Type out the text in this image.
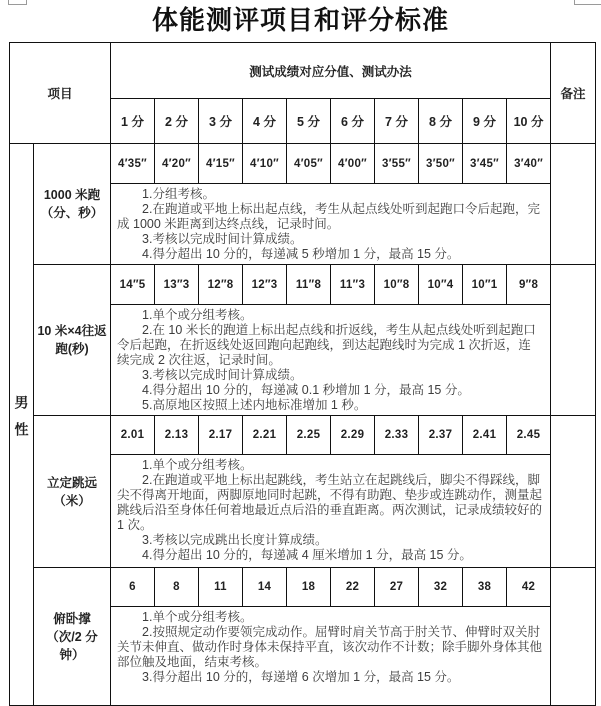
体能测评项目和评分标准
项目		测试成绩对应分值、测试办法										备注
		1 分	2 分	3 分	4 分	5 分	6 分	7 分	8 分	9 分	10 分	
男性	1000 米跑（分、秒）	4′35″	4′20″	4′15″	4′10″	4′05″	4′00″	3′55″	3′50″	3′45″	3′40″	

		1.分组考核。

2.在跑道或平地上标出起点线，考生从起点线处听到起跑口令后起跑，完成 1000 米距离到达终点线，记录时间。

3.考核以完成时间计算成绩。

4.得分超出 10 分的，每递减 5 秒增加 1 分，最高 15 分。										

	10 米×4往返跑(秒)	14″5	13″3	12″8	12″3	11″8	11″3	10″8	10″4	10″1	9″8	

		1.单个或分组考核。

2.在 10 米长的跑道上标出起点线和折返线，考生从起点线处听到起跑口令后起跑，在折返线处返回跑向起跑线，到达起跑线时为完成 1 次折返，连续完成 2 次往返，记录时间。

3.考核以完成时间计算成绩。

4.得分超出 10 分的，每递减 0.1 秒增加 1 分，最高 15 分。

5.高原地区按照上述内地标准增加 1 秒。										

	立定跳远（米）	2.01	2.13	2.17	2.21	2.25	2.29	2.33	2.37	2.41	2.45	

		1.单个或分组考核。

2.在跑道或平地上标出起跳线，考生站立在起跳线后，脚尖不得踩线，脚尖不得离开地面，两脚原地同时起跳，不得有助跑、垫步或连跳动作，测量起跳线后沿至身体任何着地最近点后沿的垂直距离。两次测试，记录成绩较好的 1 次。

3.考核以完成跳出长度计算成绩。

4.得分超出 10 分的，每递减 4 厘米增加 1 分，最高 15 分。										

	俯卧撑（次/2 分钟）	6	8	11	14	18	22	27	32	38	42	

		1.单个或分组考核。

2.按照规定动作要领完成动作。屈臂时肩关节高于肘关节、伸臂时双关肘关节未伸直、做动作时身体未保持平直，该次动作不计数；除手脚外身体其他部位触及地面，结束考核。

3.得分超出 10 分的，每递增 6 次增加 1 分，最高 15 分。										
